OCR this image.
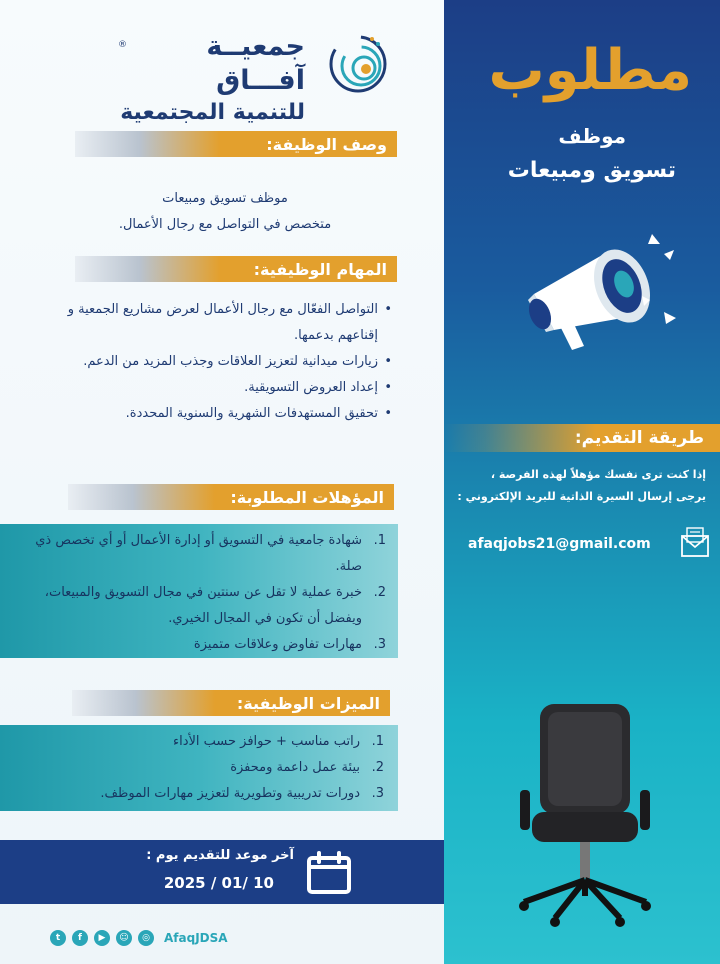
جمعيــة آفـــاق
للتنمية المجتمعية
®
وصف الوظيفة:
موظف تسويق ومبيعات
متخصص في التواصل مع رجال الأعمال.
المهام الوظيفية:
• التواصل الفعّال مع رجال الأعمال لعرض مشاريع الجمعية و إقناعهم بدعمها.
• زيارات ميدانية لتعزيز العلاقات وجذب المزيد من الدعم.
• إعداد العروض التسويقية.
• تحقيق المستهدفات الشهرية والسنوية المحددة.
المؤهلات المطلوبة:
1.
شهادة جامعية في التسويق أو إدارة الأعمال أو أي تخصص ذي صلة.
2.
خبرة عملية لا تقل عن سنتين في مجال التسويق والمبيعات، ويفضل أن تكون في المجال الخيري.
3.
مهارات تفاوض وعلاقات متميزة
الميزات الوظيفية:
1.
راتب مناسب + حوافز حسب الأداء
2.
بيئة عمل داعمة ومحفزة
3.
دورات تدريبية وتطويرية لتعزيز مهارات الموظف.
آخر موعد للتقديم يوم :
2025 / 01/ 10
t	f	▶	☺	◎	AfaqJDSA
مطلوب
موظف
تسويق ومبيعات
طريقة التقديم:
إذا كنت ترى نفسك مؤهلاً لهذه الفرصة ،
يرجى إرسال السيرة الذاتية للبريد الإلكتروني :
afaqjobs21@gmail.com
